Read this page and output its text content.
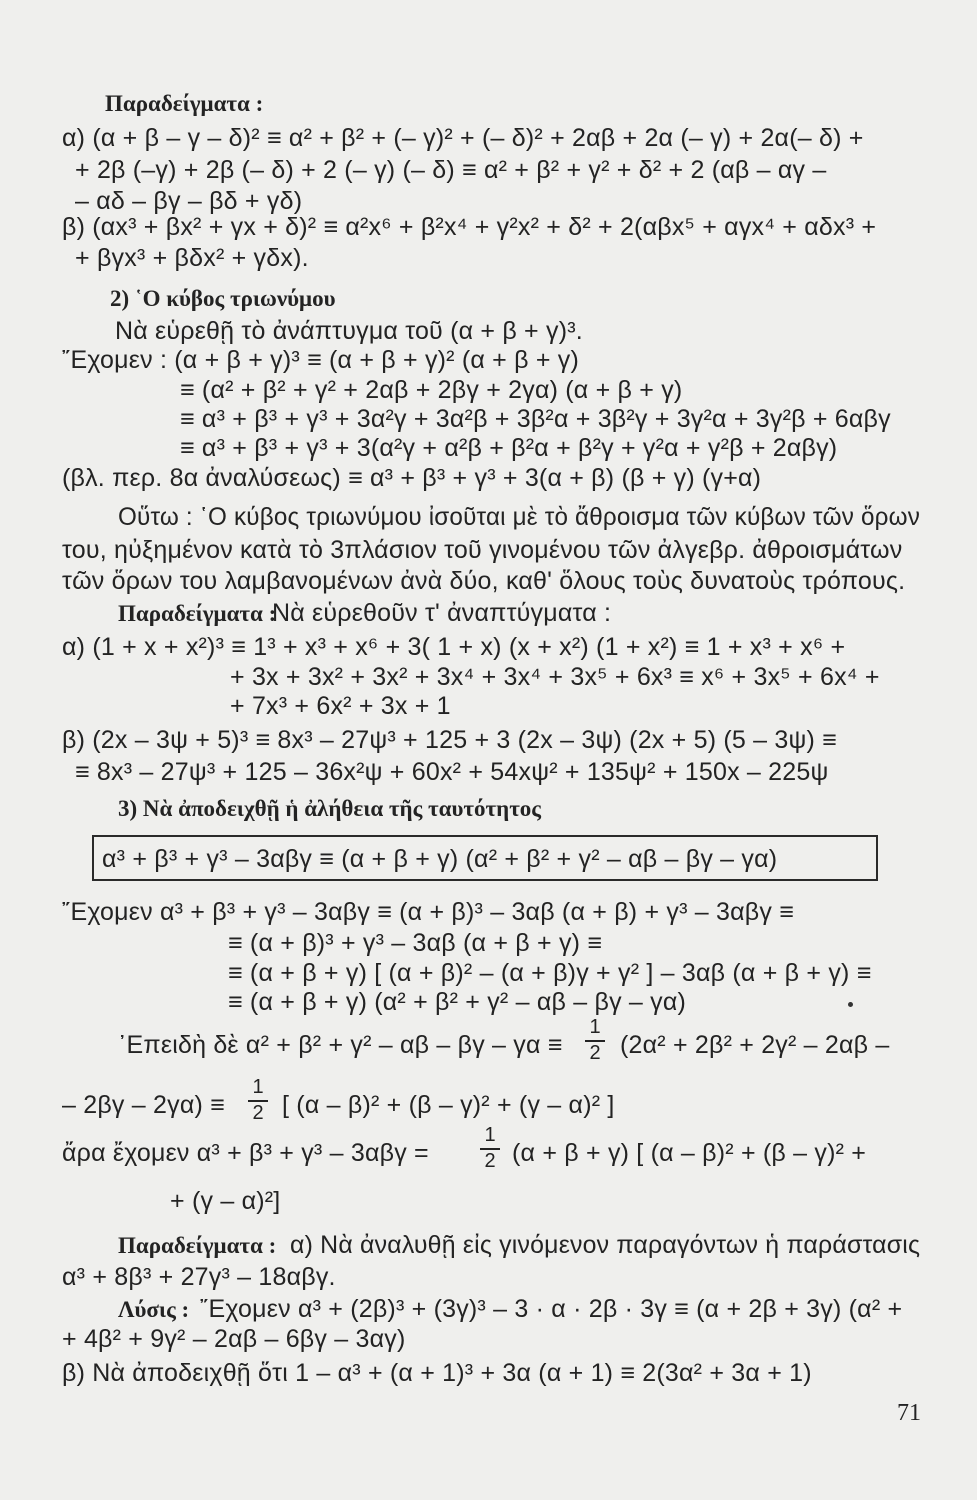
Παραδείγματα :
α) (α + β – γ – δ)² ≡ α² + β² + (– γ)² + (– δ)² + 2αβ + 2α (– γ) + 2α(– δ) +
+ 2β (–γ) + 2β (– δ) + 2 (– γ) (– δ) ≡ α² + β² + γ² + δ² + 2 (αβ – αγ –
– αδ – βγ – βδ + γδ)
β) (αx³ + βx² + γx + δ)² ≡ α²x⁶ + β²x⁴ + γ²x² + δ² + 2(αβx⁵ + αγx⁴ + αδx³ +
+ βγx³ + βδx² + γδx).
2) ῾Ο κύβος τριωνύμου
Νὰ εὑρεθῇ τὸ ἀνάπτυγμα τοῦ (α + β + γ)³.
῎Εχομεν : (α + β + γ)³ ≡ (α + β + γ)² (α + β + γ)
≡ (α² + β² + γ² + 2αβ + 2βγ + 2γα) (α + β + γ)
≡ α³ + β³ + γ³ + 3α²γ + 3α²β + 3β²α + 3β²γ + 3γ²α + 3γ²β + 6αβγ
≡ α³ + β³ + γ³ + 3(α²γ + α²β + β²α + β²γ + γ²α + γ²β + 2αβγ)
(βλ. περ. 8α ἀναλύσεως) ≡ α³ + β³ + γ³ + 3(α + β) (β + γ) (γ+α)
Οὕτω : ῾Ο κύβος τριωνύμου ἰσοῦται μὲ τὸ ἄθροισμα τῶν κύβων τῶν ὅρων
του, ηὐξημένον κατὰ τὸ 3πλάσιον τοῦ γινομένου τῶν ἀλγεβρ. ἀθροισμάτων
τῶν ὅρων του λαμβανομένων ἀνὰ δύο, καθ' ὅλους τοὺς δυνατοὺς τρόπους.
Παραδείγματα :
Νὰ εὑρεθοῦν τ' ἀναπτύγματα :
α) (1 + x + x²)³ ≡ 1³ + x³ + x⁶ + 3( 1 + x) (x + x²) (1 + x²) ≡ 1 + x³ + x⁶ +
+ 3x + 3x² + 3x² + 3x⁴ + 3x⁴ + 3x⁵ + 6x³ ≡ x⁶ + 3x⁵ + 6x⁴ +
+ 7x³ + 6x² + 3x + 1
β) (2x – 3ψ + 5)³ ≡ 8x³ – 27ψ³ + 125 + 3 (2x – 3ψ) (2x + 5) (5 – 3ψ) ≡
≡ 8x³ – 27ψ³ + 125 – 36x²ψ + 60x² + 54xψ² + 135ψ² + 150x – 225ψ
3) Νὰ ἀποδειχθῇ ἡ ἀλήθεια τῆς ταυτότητος
α³ + β³ + γ³ – 3αβγ ≡ (α + β + γ) (α² + β² + γ² – αβ – βγ – γα)
῎Εχομεν α³ + β³ + γ³ – 3αβγ ≡ (α + β)³ – 3αβ (α + β) + γ³ – 3αβγ ≡
≡ (α + β)³ + γ³ – 3αβ (α + β + γ) ≡
≡ (α + β + γ) [ (α + β)² – (α + β)γ + γ² ] – 3αβ (α + β + γ) ≡
≡ (α + β + γ) (α² + β² + γ² – αβ – βγ – γα)
᾿Επειδὴ δὲ α² + β² + γ² – αβ – βγ – γα ≡
1
2 (2α² + 2β² + 2γ² – 2αβ –
– 2βγ – 2γα) ≡
1
2 [ (α – β)² + (β – γ)² + (γ – α)² ]
ἄρα ἔχομεν α³ + β³ + γ³ – 3αβγ =
1
2 (α + β + γ) [ (α – β)² + (β – γ)² +
+ (γ – α)²]
Παραδείγματα : α) Νὰ ἀναλυθῇ εἰς γινόμενον παραγόντων ἡ παράστασις
α³ + 8β³ + 27γ³ – 18αβγ.
Λύσις : ῎Εχομεν α³ + (2β)³ + (3γ)³ – 3 · α · 2β · 3γ ≡ (α + 2β + 3γ) (α² +
+ 4β² + 9γ² – 2αβ – 6βγ – 3αγ)
β) Νὰ ἀποδειχθῇ ὅτι 1 – α³ + (α + 1)³ + 3α (α + 1) ≡ 2(3α² + 3α + 1)
71
